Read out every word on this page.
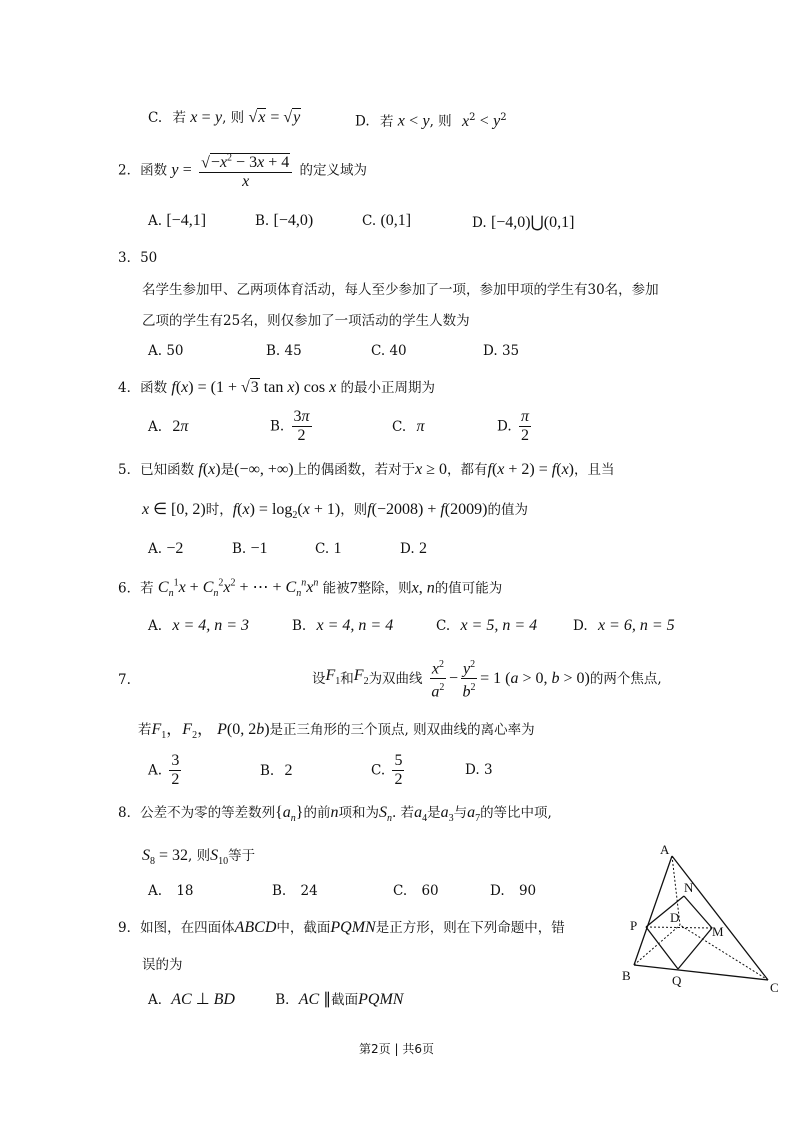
C. 若 x = y, 则 √x = √y	D. 若 x < y, 则 $x^2 < y^2$
2．函数 $y = \frac{√-x^2 - 3x + 4}{x}$ 的定义域为
A. [−4,1]	B. [−4,0)	C. (0,1]	D. [−4,0)⋃(0,1]
3．50
名学生参加甲、乙两项体育活动，每人至少参加了一项，参加甲项的学生有30名，参加
乙项的学生有25名，则仅参加了一项活动的学生人数为
A. 50	B. 45	C. 40	D. 35
4．函数 f(x) = (1 + √3 tan x) cos x 的最小正周期为
A. 2π	B. $\frac{3\pi}{2}$	C. π	D. $\frac{\pi}{2}$
5．已知函数 f(x)是(−∞, +∞)上的偶函数，若对于x ≥ 0，都有f(x + 2) = f(x)，且当
x ∈ [0, 2)时，$f(x) = \log_2(x + 1)$，则f(−2008) + f(2009)的值为
A. −2	B. −1	C. 1	D. 2
6．若 $C_n^1x + C_n^2x^2$ + ⋯ + $C_n^nx^n$ 能被7整除，则x, n的值可能为
A. x = 4, n = 3	B. x = 4, n = 4	C. x = 5, n = 4	D. x = 6, n = 5
7.	设$F_1$和$F_2$为双曲线 $\frac{x^2}{a^2} - \frac{y^2}{b^2} = 1$ (a > 0, b > 0)的两个焦点,
若$F_1$，$F_2$， P(0, 2b)是正三角形的三个顶点, 则双曲线的离心率为
A. $\frac{3}{2}$	B. 2	C. $\frac{5}{2}$	D. 3
8．公差不为零的等差数列$\{a_n\}$的前n项和为$S_n$. 若$a_4$是$a_3$与$a_7$的等比中项,
$S_8 = 32$, 则$S_{10}$等于
A. 18	B. 24	C. 60	D. 90
9．如图，在四面体ABCD中，截面PQMN是正方形，则在下列命题中，错
误的为
A．AC ⊥ BD	B．AC ∥截面PQMN
A
B
C
D
P
Q
M
N
第2页 | 共6页
